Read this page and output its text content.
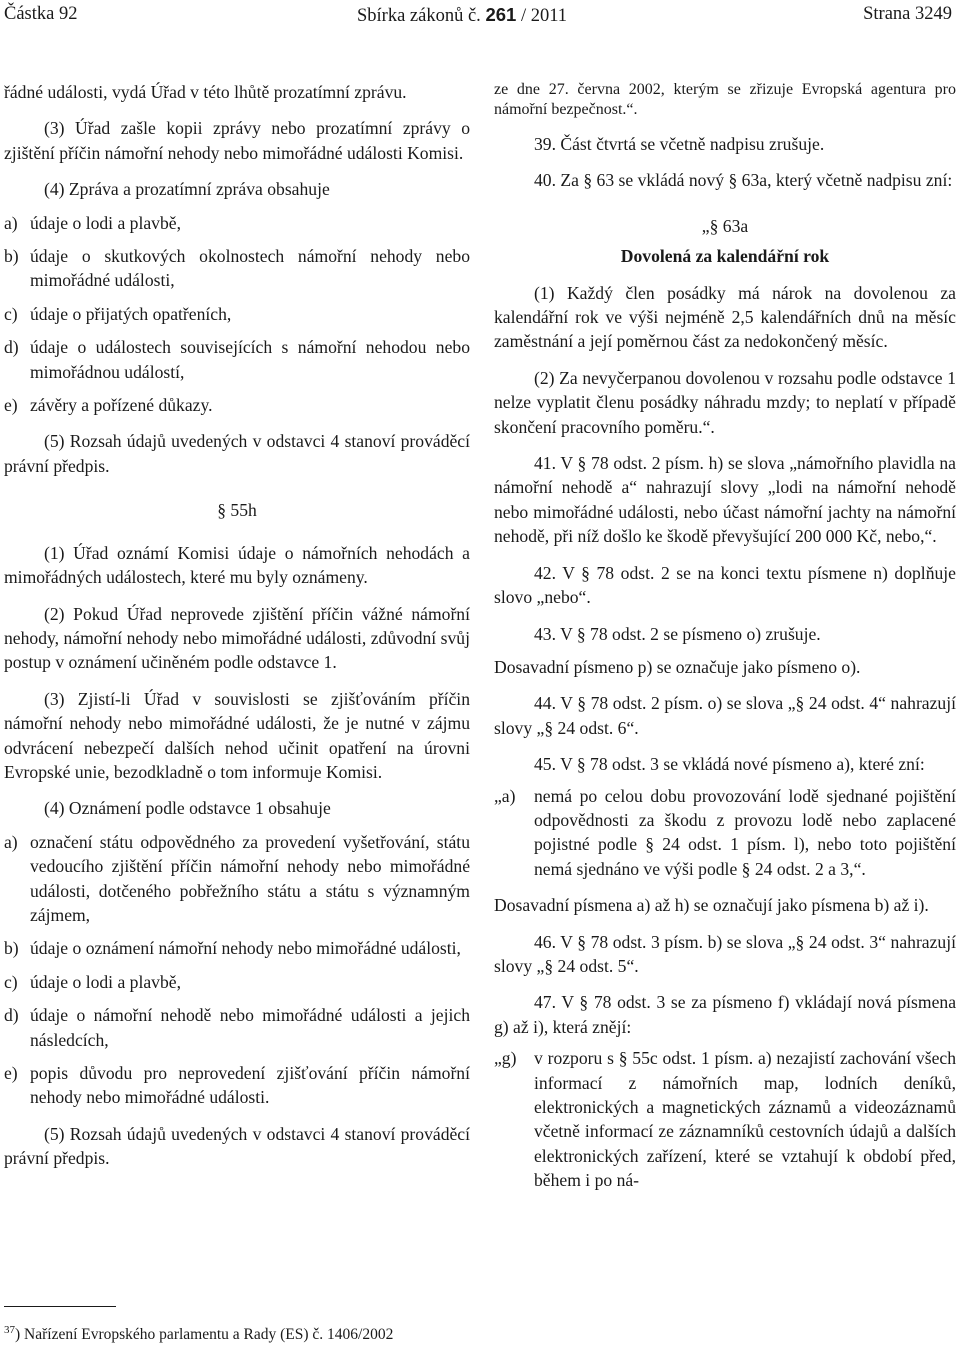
Částka 92	Sbírka zákonů č. 261 / 2011	Strana 3249

řádné události, vydá Úřad v této lhůtě prozatímní zprávu.

(3) Úřad zašle kopii zprávy nebo prozatímní zprávy o zjištění příčin námořní nehody nebo mimořádné události Komisi.

(4) Zpráva a prozatímní zpráva obsahuje

a) údaje o lodi a plavbě,
b) údaje o skutkových okolnostech námořní nehody nebo mimořádné události,
c) údaje o přijatých opatřeních,
d) údaje o událostech souvisejících s námořní nehodou nebo mimořádnou událostí,
e) závěry a pořízené důkazy.

(5) Rozsah údajů uvedených v odstavci 4 stanoví prováděcí právní předpis.

§ 55h

(1) Úřad oznámí Komisi údaje o námořních nehodách a mimořádných událostech, které mu byly oznámeny.

(2) Pokud Úřad neprovede zjištění příčin vážné námořní nehody, námořní nehody nebo mimořádné události, zdůvodní svůj postup v oznámení učiněném podle odstavce 1.

(3) Zjistí-li Úřad v souvislosti se zjišťováním příčin námořní nehody nebo mimořádné události, že je nutné v zájmu odvrácení nebezpečí dalších nehod učinit opatření na úrovni Evropské unie, bezodkladně o tom informuje Komisi.

(4) Oznámení podle odstavce 1 obsahuje

a) označení státu odpovědného za provedení vyšetřování, státu vedoucího zjištění příčin námořní nehody nebo mimořádné události, dotčeného pobřežního státu a státu s významným zájmem,
b) údaje o oznámení námořní nehody nebo mimořádné události,
c) údaje o lodi a plavbě,
d) údaje o námořní nehodě nebo mimořádné události a jejich následcích,
e) popis důvodu pro neprovedení zjišťování příčin námořní nehody nebo mimořádné události.

(5) Rozsah údajů uvedených v odstavci 4 stanoví prováděcí právní předpis.

$^{37}$) Nařízení Evropského parlamentu a Rady (ES) č. 1406/2002

ze dne 27. června 2002, kterým se zřizuje Evropská agentura pro námořní bezpečnost.“.

39. Část čtvrtá se včetně nadpisu zrušuje.

40. Za § 63 se vkládá nový § 63a, který včetně nadpisu zní:

„§ 63a

Dovolená za kalendářní rok

(1) Každý člen posádky má nárok na dovolenou za kalendářní rok ve výši nejméně 2,5 kalendářních dnů na měsíc zaměstnání a její poměrnou část za nedokončený měsíc.

(2) Za nevyčerpanou dovolenou v rozsahu podle odstavce 1 nelze vyplatit členu posádky náhradu mzdy; to neplatí v případě skončení pracovního poměru.“.

41. V § 78 odst. 2 písm. h) se slova „námořního plavidla na námořní nehodě a“ nahrazují slovy „lodi na námořní nehodě nebo mimořádné události, nebo účast námořní jachty na námořní nehodě, při níž došlo ke škodě převyšující 200 000 Kč, nebo,“.

42. V § 78 odst. 2 se na konci textu písmene n) doplňuje slovo „nebo“.

43. V § 78 odst. 2 se písmeno o) zrušuje.

Dosavadní písmeno p) se označuje jako písmeno o).

44. V § 78 odst. 2 písm. o) se slova „§ 24 odst. 4“ nahrazují slovy „§ 24 odst. 6“.

45. V § 78 odst. 3 se vkládá nové písmeno a), které zní:

„a)	nemá po celou dobu provozování lodě sjednané pojištění odpovědnosti za škodu z provozu lodě nebo zaplacené pojistné podle § 24 odst. 1 písm. l), nebo toto pojištění nemá sjednáno ve výši podle § 24 odst. 2 a 3,“.

Dosavadní písmena a) až h) se označují jako písmena b) až i).

46. V § 78 odst. 3 písm. b) se slova „§ 24 odst. 3“ nahrazují slovy „§ 24 odst. 5“.

47. V § 78 odst. 3 se za písmeno f) vkládají nová písmena g) až i), která znějí:

„g) v rozporu s § 55c odst. 1 písm. a) nezajistí zachování všech informací z námořních map, lodních deníků, elektronických a magnetických záznamů a videozáznamů včetně informací ze záznamníků cestovních údajů a dalších elektronických zařízení, které se vztahují k období před, během i po ná-
